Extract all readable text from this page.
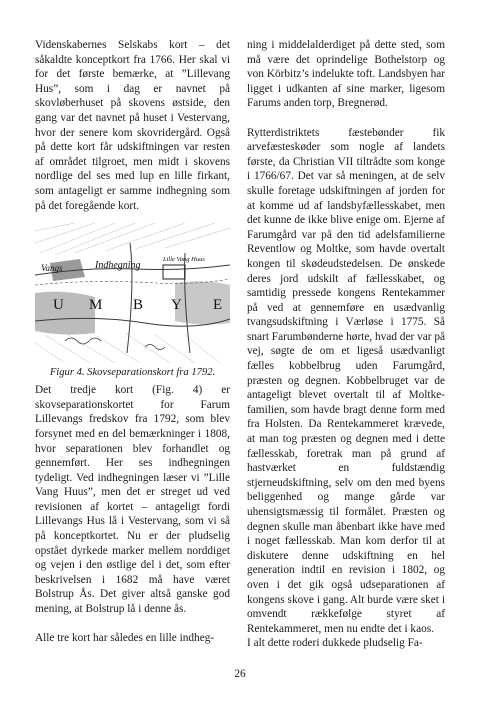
Videnskabernes Selskabs kort – det såkaldte konceptkort fra 1766. Her skal vi for det første bemærke, at ”Lillevang Hus”, som i dag er navnet på skovløberhuset på skovens østside, den gang var det navnet på huset i Vestervang, hvor der senere kom skovridergård. Også på dette kort får udskiftningen var resten af området tilgroet, men midt i skovens nordlige del ses med lup en lille firkant, som antageligt er samme indhegning som på det foregående kort.

Vangs	Indhegning
Lille Vang Huus
U M B Y E
Figur 4. Skovseparationskort fra 1792.

Det tredje kort (Fig. 4) er skovseparationskortet for Farum Lillevangs fredskov fra 1792, som blev forsynet med en del bemærkninger i 1808, hvor separationen blev forhandlet og gennemført. Her ses indhegningen tydeligt. Ved indhegningen læser vi ”Lille Vang Huus”, men det er streget ud ved revisionen af kortet – antageligt fordi Lillevangs Hus lå i Vestervang, som vi så på konceptkortet. Nu er der pludselig opstået dyrkede marker mellem norddiget og vejen i den østlige del i det, som efter beskrivelsen i 1682 må have været Bolstrup Ås. Det giver altså ganske god mening, at Bolstrup lå i denne ås.

Alle tre kort har således en lille indheg-

ning i middelalderdiget på dette sted, som må være det oprindelige Bothelstorp og von Körbitz’s indelukte toft. Landsbyen har ligget i udkanten af sine marker, ligesom Farums anden torp, Bregnerød.

Rytterdistriktets fæstebønder fik arvefæsteskøder som nogle af landets første, da Christian VII tiltrådte som konge i 1766/67. Det var så meningen, at de selv skulle foretage udskiftningen af jorden for at komme ud af landsbyfællesskabet, men det kunne de ikke blive enige om. Ejerne af Farumgård var på den tid adelsfamilierne Reventlow og Moltke, som havde overtalt kongen til skødeudstedelsen. De ønskede deres jord udskilt af fællesskabet, og samtidig pressede kongens Rentekammer på ved at gennemføre en usædvanlig tvangsudskiftning i Værløse i 1775. Så snart Farumbønderne hørte, hvad der var på vej, søgte de om et ligeså usædvanligt fælles kobbelbrug uden Farumgård, præsten og degnen. Kobbelbruget var de antageligt blevet overtalt til af Moltke-familien, som havde bragt denne form med fra Holsten. Da Rentekammeret krævede, at man tog præsten og degnen med i dette fællesskab, foretrak man på grund af hastværket en fuldstændig stjerneudskiftning, selv om den med byens beliggenhed og mange gårde var uhensigtsmæssig til formålet. Præsten og degnen skulle man åbenbart ikke have med i noget fællesskab. Man kom derfor til at diskutere denne udskiftning en hel generation indtil en revision i 1802, og oven i det gik også udseparationen af kongens skove i gang. Alt burde være sket i omvendt rækkefølge styret af Rentekammeret, men nu endte det i kaos.

I alt dette roderi dukkede pludselig Fa-

26
